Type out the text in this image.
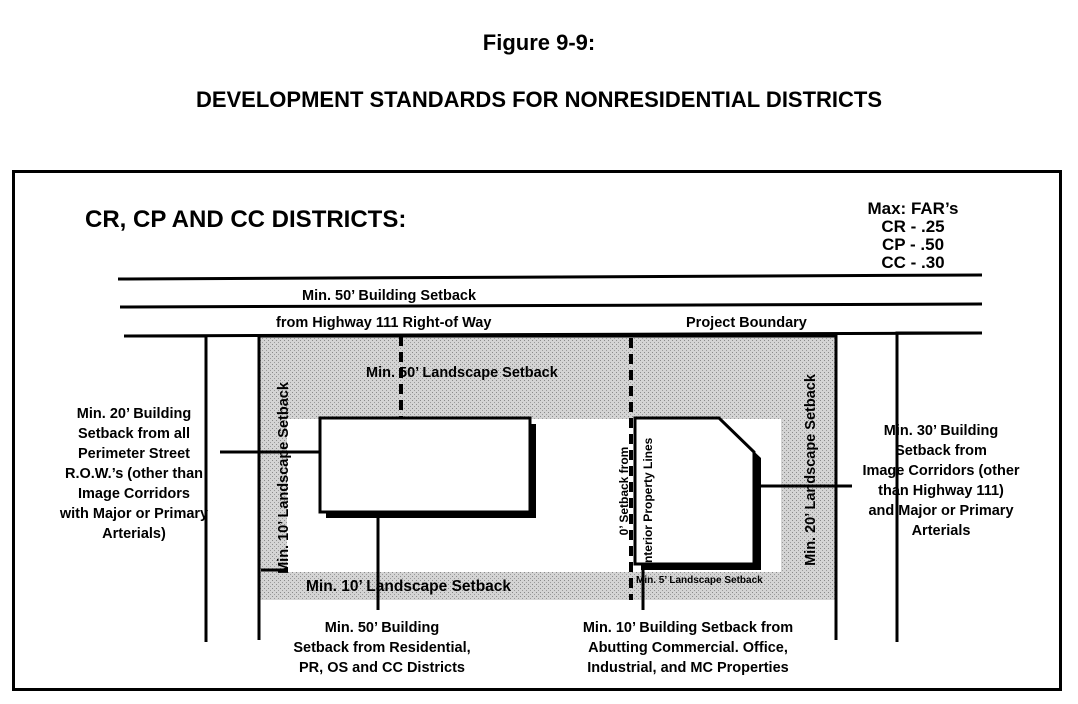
Figure 9-9:
DEVELOPMENT STANDARDS FOR NONRESIDENTIAL DISTRICTS
CR, CP AND CC DISTRICTS:	Max: FAR’s
CR - .25
CP - .50
CC - .30
Min. 50’ Building Setback
from Highway 111 Right-of Way	Project Boundary
Min. 50’ Landscape Setback
Min. 10’ Landscape Setback	Min. 5’ Landscape Setback
Min. 10’ Landscape Setback	Min. 20’ Landscape Setback
0’ Setback from Interior Property Lines
Min. 20’ Building
Setback from all
Perimeter Street
R.O.W.’s (other than
Image Corridors
with Major or Primary
Arterials)
Min. 30’ Building
Setback from
Image Corridors (other
than Highway 111)
and Major or Primary
Arterials
Min. 50’ Building
Setback from Residential,
PR, OS and CC Districts
Min. 10’ Building Setback from
Abutting Commercial. Office,
Industrial, and MC Properties
